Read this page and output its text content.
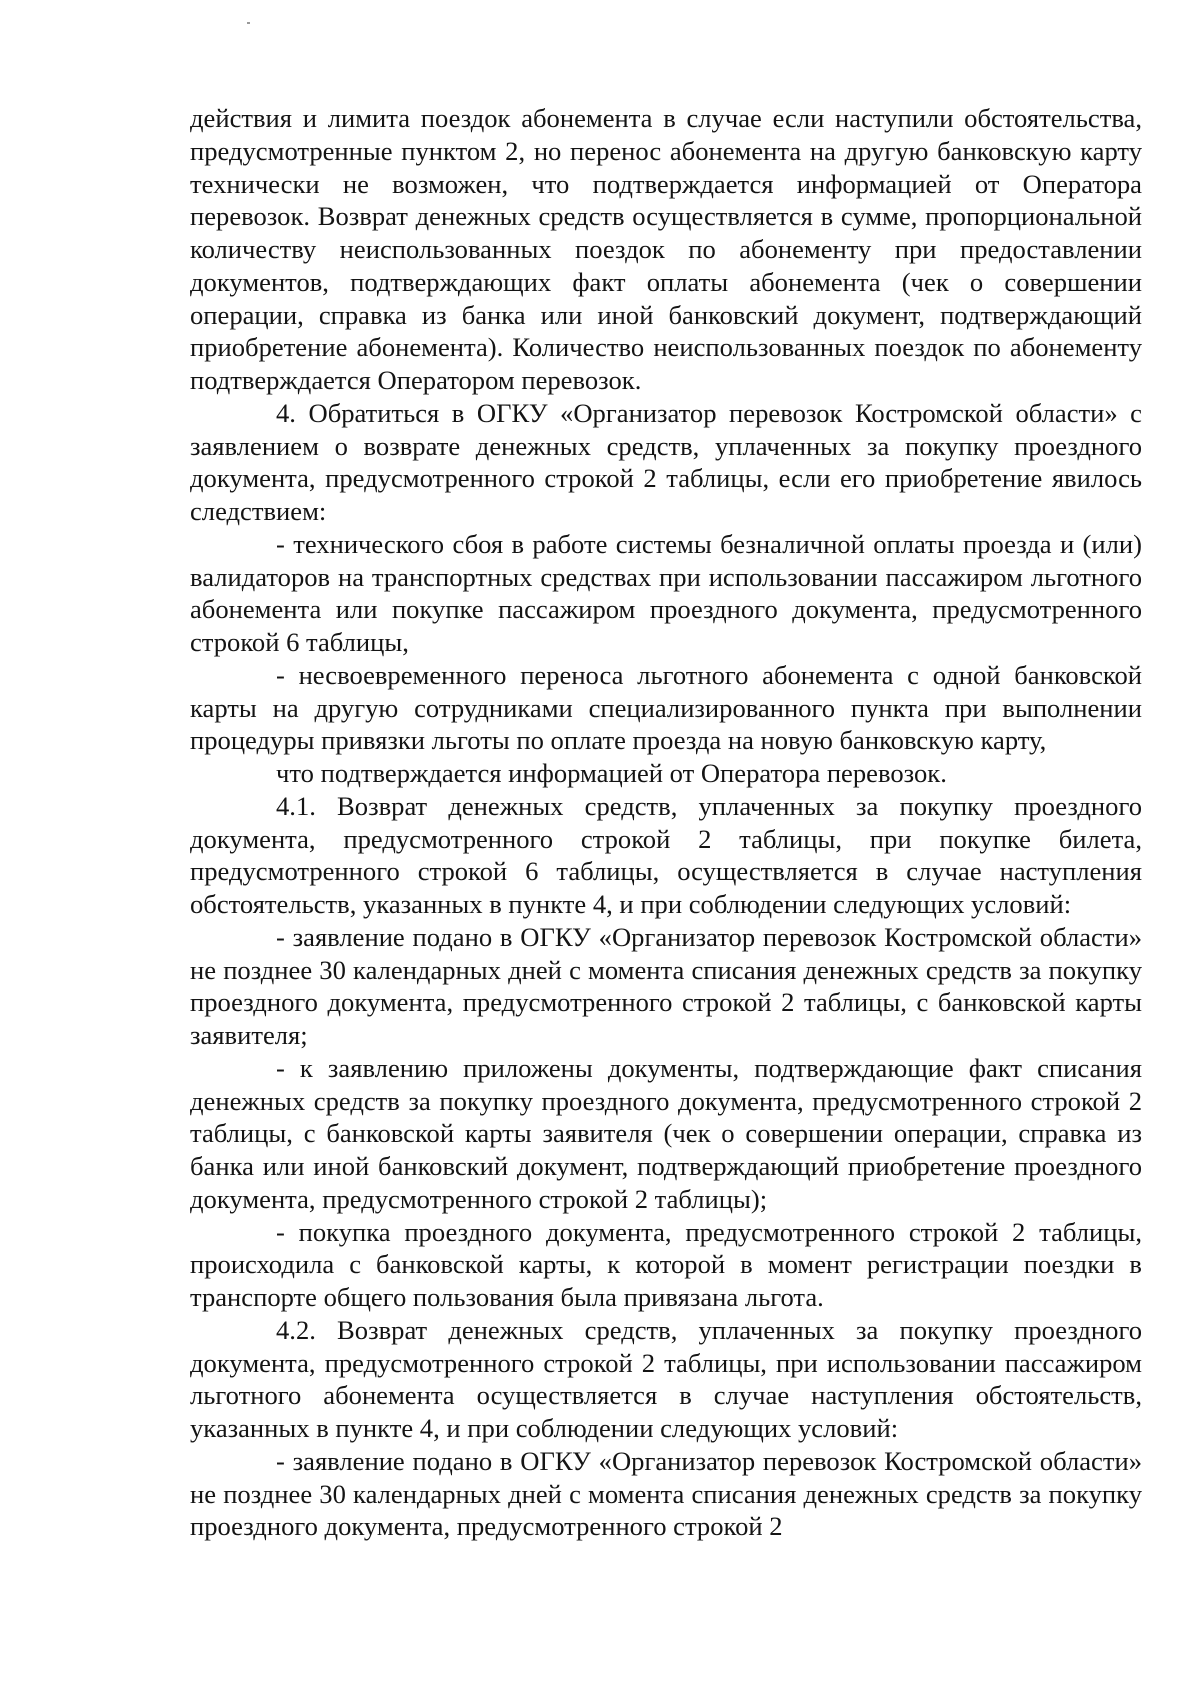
действия и лимита поездок абонемента в случае если наступили обстоятельства, предусмотренные пунктом 2, но перенос абонемента на другую банковскую карту технически не возможен, что подтверждается информацией от Оператора перевозок. Возврат денежных средств осуществляется в сумме, пропорциональной количеству неиспользованных поездок по абонементу при предоставлении документов, подтверждающих факт оплаты абонемента (чек о совершении операции, справка из банка или иной банковский документ, подтверждающий приобретение абонемента). Количество неиспользованных поездок по абонементу подтверждается Оператором перевозок.

4. Обратиться в ОГКУ «Организатор перевозок Костромской области» с заявлением о возврате денежных средств, уплаченных за покупку проездного документа, предусмотренного строкой 2 таблицы, если его приобретение явилось следствием:

- технического сбоя в работе системы безналичной оплаты проезда и (или) валидаторов на транспортных средствах при использовании пассажиром льготного абонемента или покупке пассажиром проездного документа, предусмотренного строкой 6 таблицы,

- несвоевременного переноса льготного абонемента с одной банковской карты на другую сотрудниками специализированного пункта при выполнении процедуры привязки льготы по оплате проезда на новую банковскую карту,

что подтверждается информацией от Оператора перевозок.

4.1. Возврат денежных средств, уплаченных за покупку проездного документа, предусмотренного строкой 2 таблицы, при покупке билета, предусмотренного строкой 6 таблицы, осуществляется в случае наступления обстоятельств, указанных в пункте 4, и при соблюдении следующих условий:

- заявление подано в ОГКУ «Организатор перевозок Костромской области» не позднее 30 календарных дней с момента списания денежных средств за покупку проездного документа, предусмотренного строкой 2 таблицы, с банковской карты заявителя;

- к заявлению приложены документы, подтверждающие факт списания денежных средств за покупку проездного документа, предусмотренного строкой 2 таблицы, с банковской карты заявителя (чек о совершении операции, справка из банка или иной банковский документ, подтверждающий приобретение проездного документа, предусмотренного строкой 2 таблицы);

- покупка проездного документа, предусмотренного строкой 2 таблицы, происходила с банковской карты, к которой в момент регистрации поездки в транспорте общего пользования была привязана льгота.

4.2. Возврат денежных средств, уплаченных за покупку проездного документа, предусмотренного строкой 2 таблицы, при использовании пассажиром льготного абонемента осуществляется в случае наступления обстоятельств, указанных в пункте 4, и при соблюдении следующих условий:

- заявление подано в ОГКУ «Организатор перевозок Костромской области» не позднее 30 календарных дней с момента списания денежных средств за покупку проездного документа, предусмотренного строкой 2
